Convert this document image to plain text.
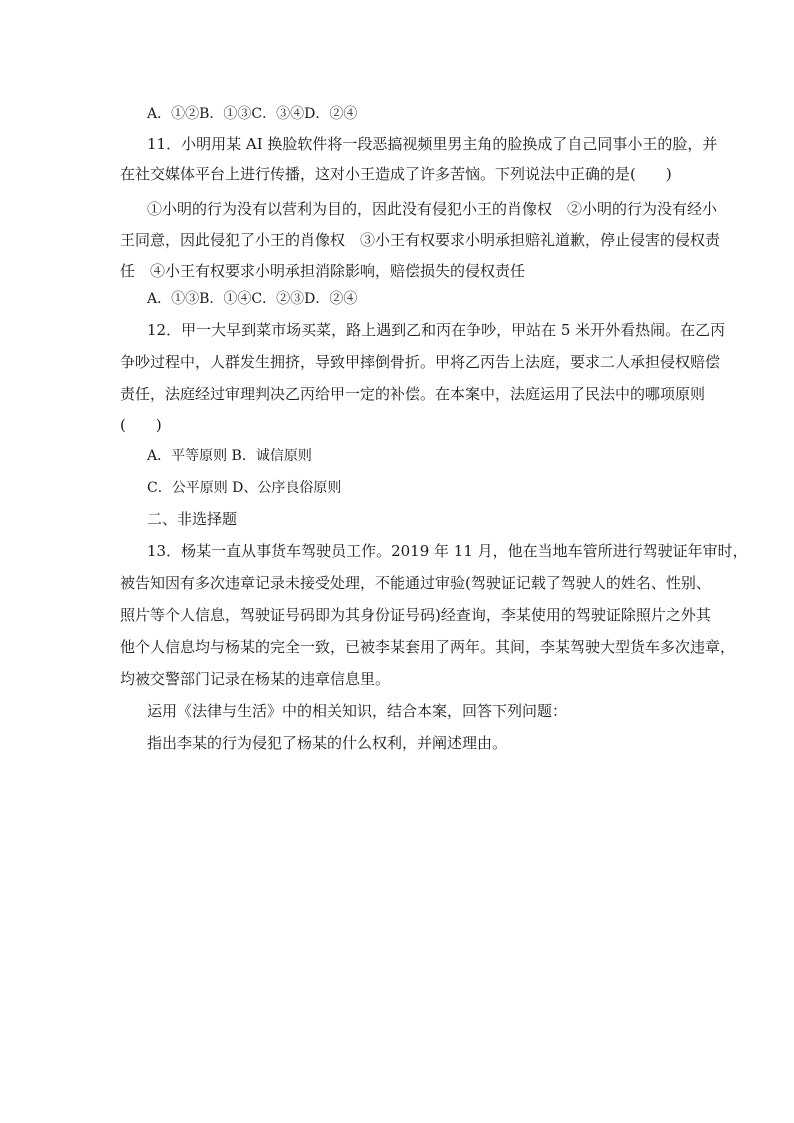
A．①②B．①③C．③④D．②④
11．小明用某 AI 换脸软件将一段恶搞视频里男主角的脸换成了自己同事小王的脸，并
在社交媒体平台上进行传播，这对小王造成了许多苦恼。下列说法中正确的是(　　)
①小明的行为没有以营利为目的，因此没有侵犯小王的肖像权　②小明的行为没有经小
王同意，因此侵犯了小王的肖像权　③小王有权要求小明承担赔礼道歉，停止侵害的侵权责
任　④小王有权要求小明承担消除影响，赔偿损失的侵权责任
A．①③B．①④C．②③D．②④
12．甲一大早到菜市场买菜，路上遇到乙和丙在争吵，甲站在 5 米开外看热闹。在乙丙
争吵过程中，人群发生拥挤，导致甲摔倒骨折。甲将乙丙告上法庭，要求二人承担侵权赔偿
责任，法庭经过审理判决乙丙给甲一定的补偿。在本案中，法庭运用了民法中的哪项原则
(　　)
A．平等原则 B．诚信原则
C．公平原则 D、公序良俗原则
二、非选择题
13．杨某一直从事货车驾驶员工作。2019 年 11 月，他在当地车管所进行驾驶证年审时，
被告知因有多次违章记录未接受处理，不能通过审验(驾驶证记载了驾驶人的姓名、性别、
照片等个人信息，驾驶证号码即为其身份证号码)经查询，李某使用的驾驶证除照片之外其
他个人信息均与杨某的完全一致，已被李某套用了两年。其间，李某驾驶大型货车多次违章，
均被交警部门记录在杨某的违章信息里。
运用《法律与生活》中的相关知识，结合本案，回答下列问题：
指出李某的行为侵犯了杨某的什么权利，并阐述理由。
